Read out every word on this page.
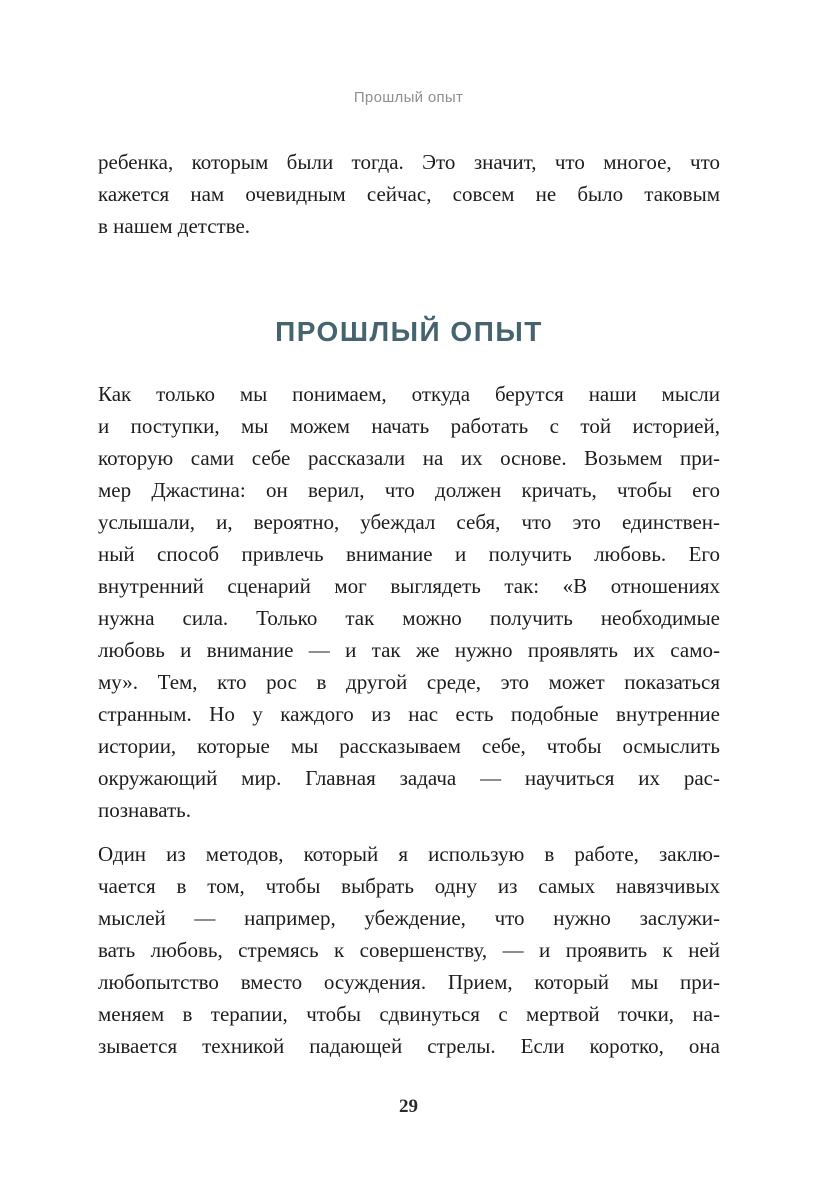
Прошлый опыт
ребенка, которым были тогда. Это значит, что многое, что
кажется нам очевидным сейчас, совсем не было таковым
в нашем детстве.
ПРОШЛЫЙ ОПЫТ
Как только мы понимаем, откуда берутся наши мысли
и поступки, мы можем начать работать с той историей,
которую сами себе рассказали на их основе. Возьмем при-
мер Джастина: он верил, что должен кричать, чтобы его
услышали, и, вероятно, убеждал себя, что это единствен-
ный способ привлечь внимание и получить любовь. Его
внутренний сценарий мог выглядеть так: «В отношениях
нужна сила. Только так можно получить необходимые
любовь и внимание — и так же нужно проявлять их само-
му». Тем, кто рос в другой среде, это может показаться
странным. Но у каждого из нас есть подобные внутренние
истории, которые мы рассказываем себе, чтобы осмыслить
окружающий мир. Главная задача — научиться их рас-
познавать.
Один из методов, который я использую в работе, заклю-
чается в том, чтобы выбрать одну из самых навязчивых
мыслей — например, убеждение, что нужно заслужи-
вать любовь, стремясь к совершенству, — и проявить к ней
любопытство вместо осуждения. Прием, который мы при-
меняем в терапии, чтобы сдвинуться с мертвой точки, на-
зывается техникой падающей стрелы. Если коротко, она
29
